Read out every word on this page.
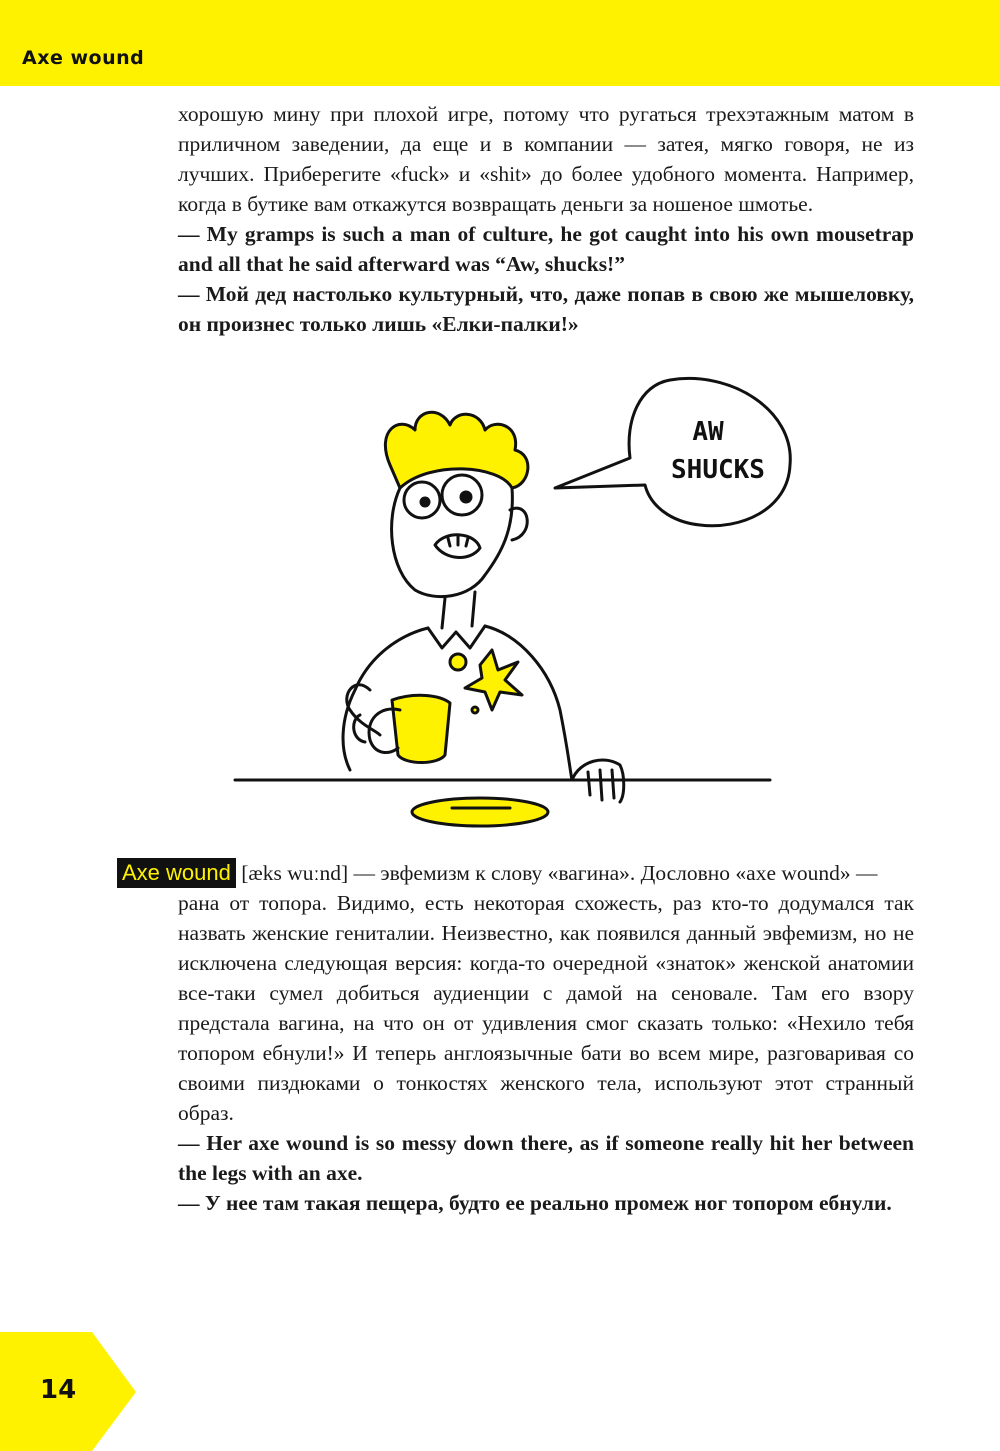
Axe wound

хорошую мину при плохой игре, потому что ругаться трехэтажным матом в приличном заведении, да еще и в компании — затея, мягко говоря, не из лучших. Приберегите «fuck» и «shit» до более удобного момента. Например, когда в бутике вам откажутся возвращать деньги за ношеное шмотье.

— My gramps is such a man of culture, he got caught into his own mousetrap and all that he said afterward was “Aw, shucks!”

— Мой дед настолько культурный, что, даже попав в свою же мышеловку, он произнес только лишь «Елки-палки!»

AW
SHUCKS
Axe wound [æks wuːnd] — эвфемизм к слову «вагина». Дословно «axe wound» —

рана от топора. Видимо, есть некоторая схожесть, раз кто-то додумался так назвать женские гениталии. Неизвестно, как появился данный эвфемизм, но не исключена следующая версия: когда-то очередной «знаток» женской анатомии все-таки сумел добиться аудиенции с дамой на сеновале. Там его взору предстала вагина, на что он от удивления смог сказать только: «Нехило тебя топором ебнули!» И теперь англоязычные бати во всем мире, разговаривая со своими пиздюками о тонкостях женского тела, используют этот странный образ.

— Her axe wound is so messy down there, as if someone really hit her between the legs with an axe.

— У нее там такая пещера, будто ее реально промеж ног топором ебнули.

14
